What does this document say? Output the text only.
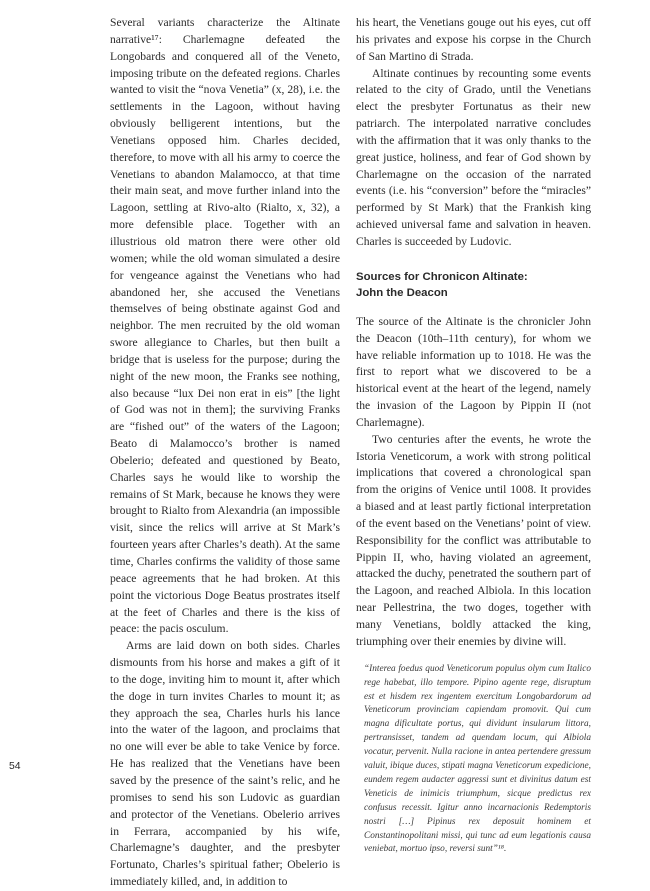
Several variants characterize the Altinate narrative¹⁷: Charlemagne defeated the Longobards and conquered all of the Veneto, imposing tribute on the defeated regions. Charles wanted to visit the “nova Venetia” (x, 28), i.e. the settlements in the Lagoon, without having obviously belligerent intentions, but the Venetians opposed him. Charles decided, therefore, to move with all his army to coerce the Venetians to abandon Malamocco, at that time their main seat, and move further inland into the Lagoon, settling at Rivo-alto (Rialto, x, 32), a more defensible place. Together with an illustrious old matron there were other old women; while the old woman simulated a desire for vengeance against the Venetians who had abandoned her, she accused the Venetians themselves of being obstinate against God and neighbor. The men recruited by the old woman swore allegiance to Charles, but then built a bridge that is useless for the purpose; during the night of the new moon, the Franks see nothing, also because “lux Dei non erat in eis” [the light of God was not in them]; the surviving Franks are “fished out” of the waters of the Lagoon; Beato di Malamocco’s brother is named Obelerio; defeated and questioned by Beato, Charles says he would like to worship the remains of St Mark, because he knows they were brought to Rialto from Alexandria (an impossible visit, since the relics will arrive at St Mark’s fourteen years after Charles’s death). At the same time, Charles confirms the validity of those same peace agreements that he had broken. At this point the victorious Doge Beatus prostrates itself at the feet of Charles and there is the kiss of peace: the pacis osculum.

Arms are laid down on both sides. Charles dismounts from his horse and makes a gift of it to the doge, inviting him to mount it, after which the doge in turn invites Charles to mount it; as they approach the sea, Charles hurls his lance into the water of the lagoon, and proclaims that no one will ever be able to take Venice by force. He has realized that the Venetians have been saved by the presence of the saint’s relic, and he promises to send his son Ludovic as guardian and protector of the Venetians. Obelerio arrives in Ferrara, accompanied by his wife, Charlemagne’s daughter, and the presbyter Fortunato, Charles’s spiritual father; Obelerio is immediately killed, and, in addition to

his heart, the Venetians gouge out his eyes, cut off his privates and expose his corpse in the Church of San Martino di Strada.

Altinate continues by recounting some events related to the city of Grado, until the Venetians elect the presbyter Fortunatus as their new patriarch. The interpolated narrative concludes with the affirmation that it was only thanks to the great justice, holiness, and fear of God shown by Charlemagne on the occasion of the narrated events (i.e. his “conversion” before the “miracles” performed by St Mark) that the Frankish king achieved universal fame and salvation in heaven. Charles is succeeded by Ludovic.

Sources for Chronicon Altinate:
John the Deacon

The source of the Altinate is the chronicler John the Deacon (10th–11th century), for whom we have reliable information up to 1018. He was the first to report what we discovered to be a historical event at the heart of the legend, namely the invasion of the Lagoon by Pippin II (not Charlemagne).

Two centuries after the events, he wrote the Istoria Veneticorum, a work with strong political implications that covered a chronological span from the origins of Venice until 1008. It provides a biased and at least partly fictional interpretation of the event based on the Venetians’ point of view. Responsibility for the conflict was attributable to Pippin II, who, having violated an agreement, attacked the duchy, penetrated the southern part of the Lagoon, and reached Albiola. In this location near Pellestrina, the two doges, together with many Venetians, boldly attacked the king, triumphing over their enemies by divine will.

“Interea foedus quod Veneticorum populus olym cum Italico rege habebat, illo tempore. Pipino agente rege, disruptum est et hisdem rex ingentem exercitum Longobardorum ad Veneticorum provinciam capiendam promovit. Qui cum magna dificultate portus, qui dividunt insularum littora, pertransisset, tandem ad quendam locum, qui Albiola vocatur, pervenit. Nulla racione in antea pertendere gressum valuit, ibique duces, stipati magna Veneticorum expedicione, eundem regem audacter aggressi sunt et divinitus datum est Veneticis de inimicis triumphum, sicque predictus rex confusus recessit. Igitur anno incarnacionis Redemptoris nostri […] Pipinus rex deposuit hominem et Constantinopolitani missi, qui tunc ad eum legationis causa veniebat, mortuo ipso, reversi sunt”¹⁸.
54
